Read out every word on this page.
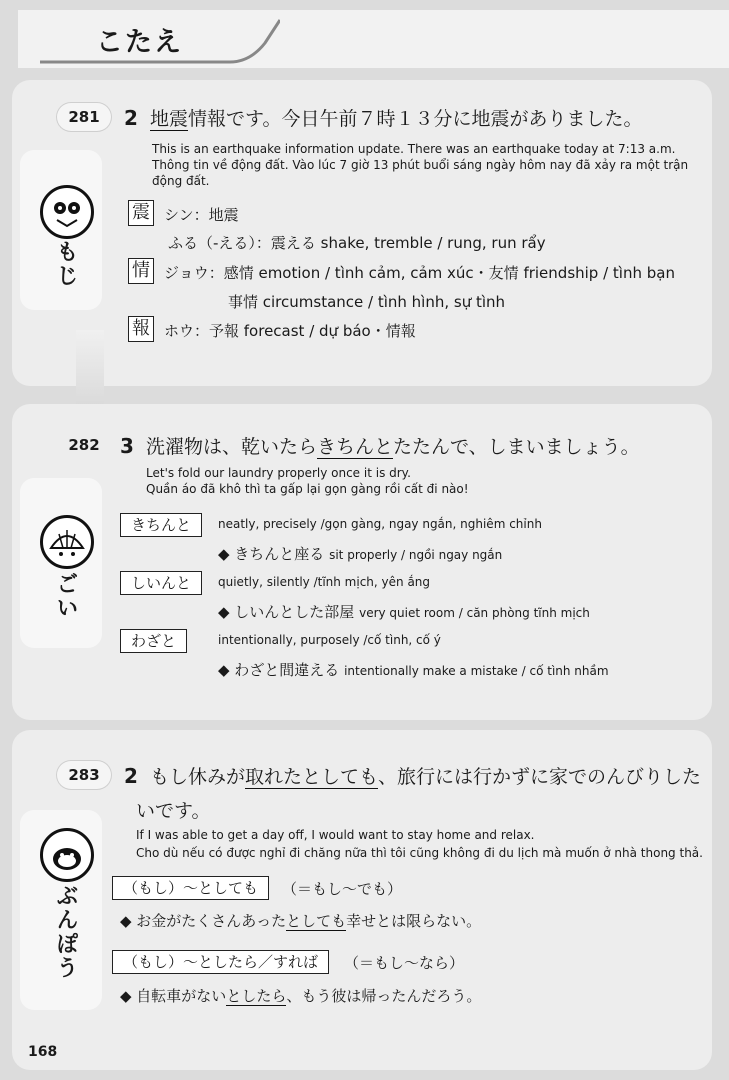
こたえ
もじ
281	2 地震情報です。今日午前７時１３分に地震がありました。
This is an earthquake information update. There was an earthquake today at 7:13 a.m.
Thông tin về động đất. Vào lúc 7 giờ 13 phút buổi sáng ngày hôm nay đã xảy ra một trận
động đất.
震 シン：地震
ふる（-える）：震える shake, tremble / rung, run rẩy
情 ジョウ：感情 emotion / tình cảm, cảm xúc・友情 friendship / tình bạn
事情 circumstance / tình hình, sự tình
報 ホウ：予報 forecast / dự báo・情報
ごい
282	3 洗濯物は、乾いたらきちんとたたんで、しまいましょう。
Let's fold our laundry properly once it is dry.
Quần áo đã khô thì ta gấp lại gọn gàng rồi cất đi nào!
きちんと	neatly, precisely /gọn gàng, ngay ngắn, nghiêm chỉnh
◆ きちんと座る sit properly / ngồi ngay ngắn
しいんと	quietly, silently /tĩnh mịch, yên ắng
◆ しいんとした部屋 very quiet room / căn phòng tĩnh mịch
わざと	intentionally, purposely /cố tình, cố ý
◆ わざと間違える intentionally make a mistake / cố tình nhầm
ぶんぽう
283	2 もし休みが取れたとしても、旅行には行かずに家でのんびりした
いです。
If I was able to get a day off, I would want to stay home and relax.
Cho dù nếu có được nghỉ đi chăng nữa thì tôi cũng không đi du lịch mà muốn ở nhà thong thả.
（もし）～としても	（＝もし～でも）
◆ お金がたくさんあったとしても幸せとは限らない。
（もし）～としたら／すれば	（＝もし～なら）
◆ 自転車がないとしたら、もう彼は帰ったんだろう。
168
